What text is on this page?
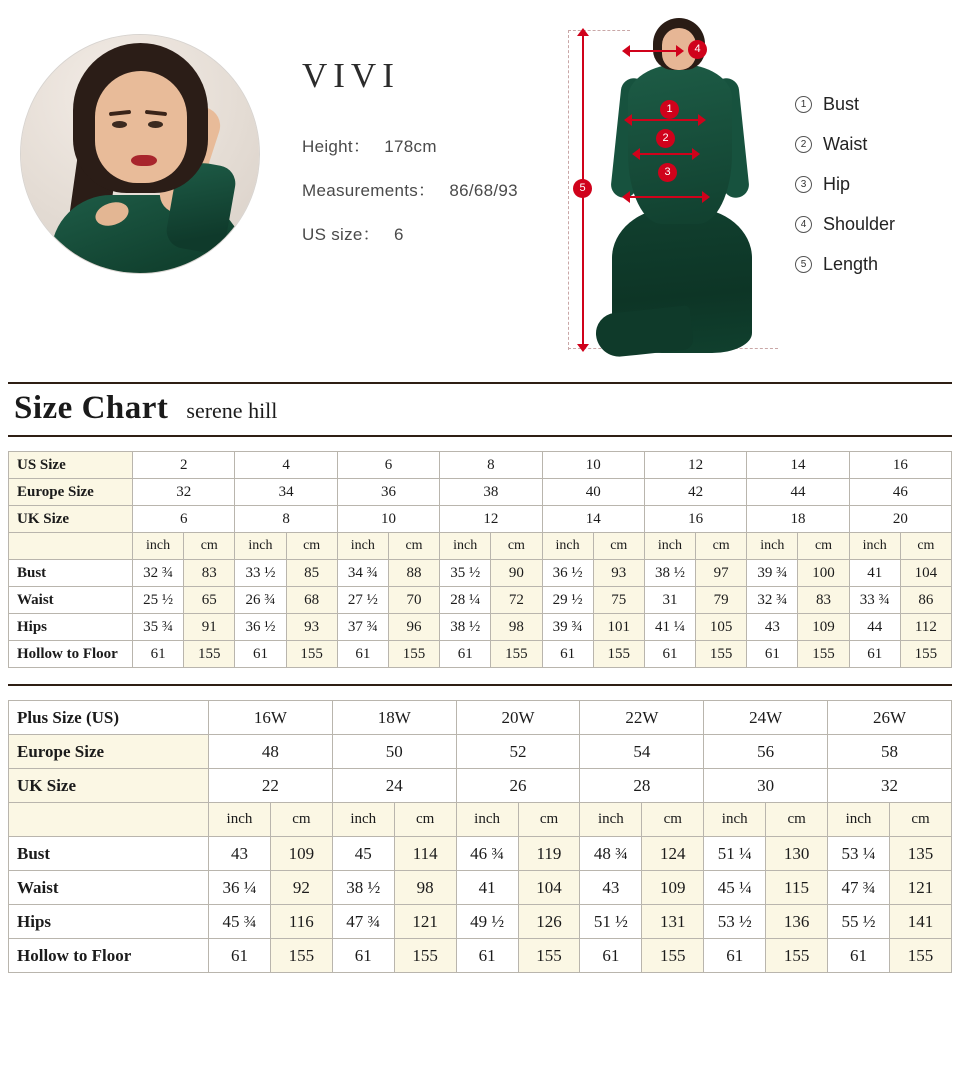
VIVI
Height： 178cm
Measurements： 86/68/93
US size： 6
5
4
1
2
3
1 Bust
2 Waist
3 Hip
4 Shoulder
5 Length
Size Chart serene hill
US Size	2		4		6		8		10		12		14		16	
Europe Size	32		34		36		38		40		42		44		46	
UK Size	6		8		10		12		14		16		18		20	
	inch	cm	inch	cm	inch	cm	inch	cm	inch	cm	inch	cm	inch	cm	inch	cm
Bust	32 ¾	83	33 ½	85	34 ¾	88	35 ½	90	36 ½	93	38 ½	97	39 ¾	100	41	104
Waist	25 ½	65	26 ¾	68	27 ½	70	28 ¼	72	29 ½	75	31	79	32 ¾	83	33 ¾	86
Hips	35 ¾	91	36 ½	93	37 ¾	96	38 ½	98	39 ¾	101	41 ¼	105	43	109	44	112
Hollow to Floor	61	155	61	155	61	155	61	155	61	155	61	155	61	155	61	155
Plus Size (US)	16W		18W		20W		22W		24W		26W	
Europe Size	48		50		52		54		56		58	
UK Size	22		24		26		28		30		32	
	inch	cm	inch	cm	inch	cm	inch	cm	inch	cm	inch	cm
Bust	43	109	45	114	46 ¾	119	48 ¾	124	51 ¼	130	53 ¼	135
Waist	36 ¼	92	38 ½	98	41	104	43	109	45 ¼	115	47 ¾	121
Hips	45 ¾	116	47 ¾	121	49 ½	126	51 ½	131	53 ½	136	55 ½	141
Hollow to Floor	61	155	61	155	61	155	61	155	61	155	61	155
